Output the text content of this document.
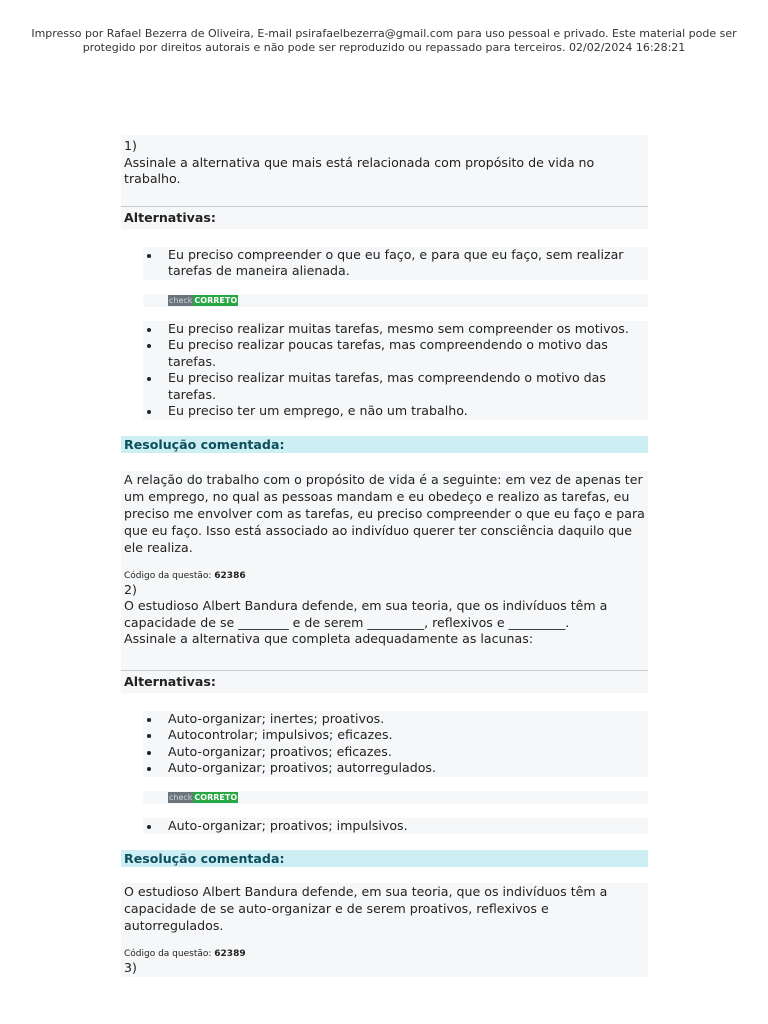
Impresso por Rafael Bezerra de Oliveira, E-mail psirafaelbezerra@gmail.com para uso pessoal e privado. Este material pode ser protegido por direitos autorais e não pode ser reproduzido ou repassado para terceiros. 02/02/2024 16:28:21
1)
Assinale a alternativa que mais está relacionada com propósito de vida no trabalho.
Alternativas:
Eu preciso compreender o que eu faço, e para que eu faço, sem realizar tarefas de maneira alienada.
check CORRETO
Eu preciso realizar muitas tarefas, mesmo sem compreender os motivos.
Eu preciso realizar poucas tarefas, mas compreendendo o motivo das tarefas.
Eu preciso realizar muitas tarefas, mas compreendendo o motivo das tarefas.
Eu preciso ter um emprego, e não um trabalho.
Resolução comentada:
A relação do trabalho com o propósito de vida é a seguinte: em vez de apenas ter um emprego, no qual as pessoas mandam e eu obedeço e realizo as tarefas, eu preciso me envolver com as tarefas, eu preciso compreender o que eu faço e para que eu faço. Isso está associado ao indivíduo querer ter consciência daquilo que ele realiza.
Código da questão: 62386
2)
O estudioso Albert Bandura defende, em sua teoria, que os indivíduos têm a capacidade de se ________ e de serem _________, reflexivos e _________.
Assinale a alternativa que completa adequadamente as lacunas:
Alternativas:
Auto-organizar; inertes; proativos.
Autocontrolar; impulsivos; eficazes.
Auto-organizar; proativos; eficazes.
Auto-organizar; proativos; autorregulados.
check CORRETO
Auto-organizar; proativos; impulsivos.
Resolução comentada:
O estudioso Albert Bandura defende, em sua teoria, que os indivíduos têm a capacidade de se auto-organizar e de serem proativos, reflexivos e autorregulados.
Código da questão: 62389
3)
